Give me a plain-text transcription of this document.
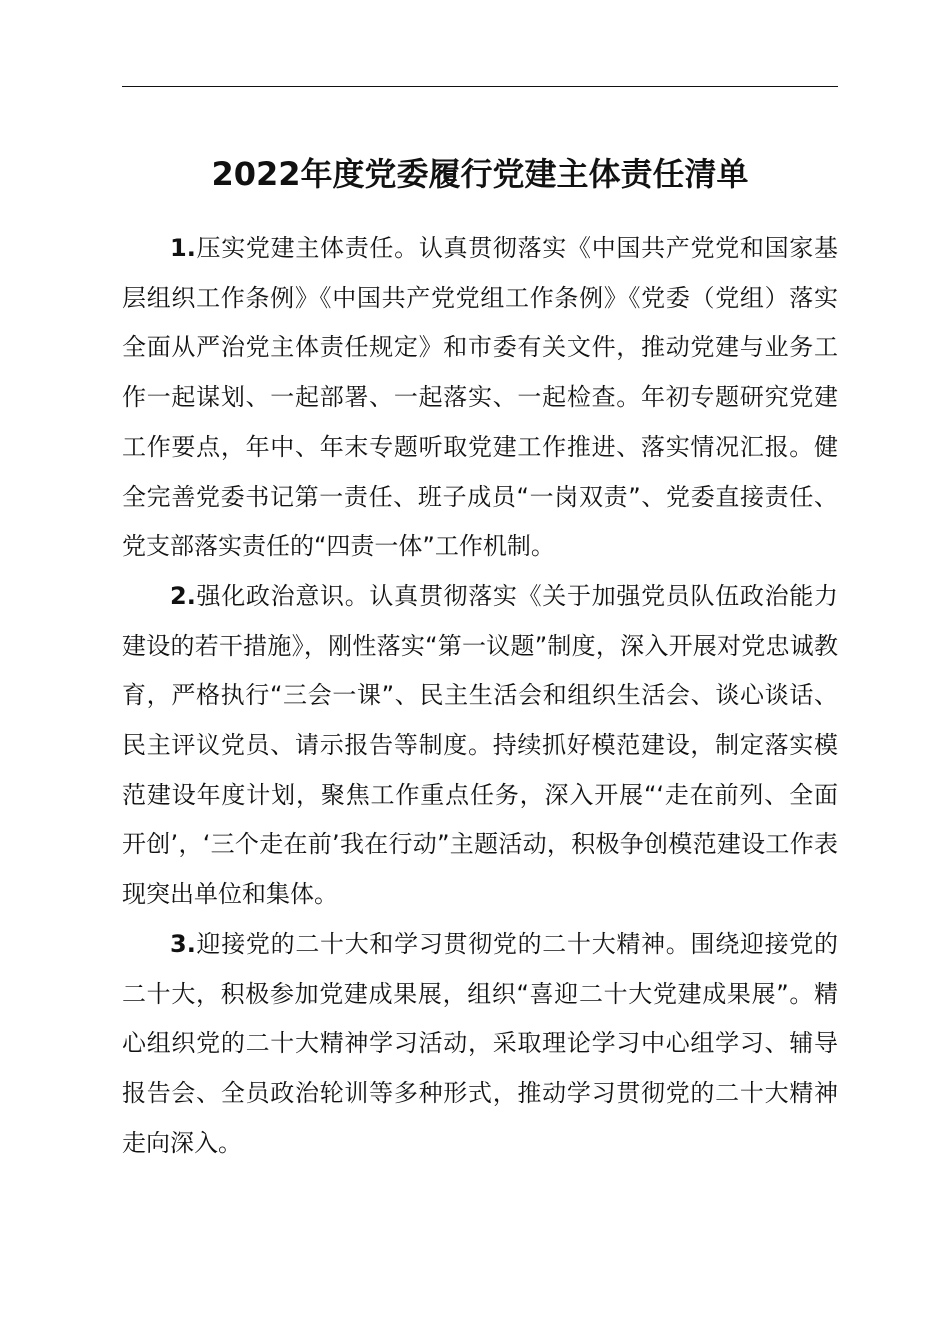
2022年度党委履行党建主体责任清单

1.压实党建主体责任。认真贯彻落实《中国共产党党和国家基层组织工作条例》《中国共产党党组工作条例》《党委（党组）落实全面从严治党主体责任规定》和市委有关文件，推动党建与业务工作一起谋划、一起部署、一起落实、一起检查。年初专题研究党建工作要点，年中、年末专题听取党建工作推进、落实情况汇报。健全完善党委书记第一责任、班子成员“一岗双责”、党委直接责任、党支部落实责任的“四责一体”工作机制。

2.强化政治意识。认真贯彻落实《关于加强党员队伍政治能力建设的若干措施》，刚性落实“第一议题”制度，深入开展对党忠诚教育，严格执行“三会一课”、民主生活会和组织生活会、谈心谈话、民主评议党员、请示报告等制度。持续抓好模范建设，制定落实模范建设年度计划，聚焦工作重点任务，深入开展“‘走在前列、全面开创’，‘三个走在前’我在行动”主题活动，积极争创模范建设工作表现突出单位和集体。

3.迎接党的二十大和学习贯彻党的二十大精神。围绕迎接党的二十大，积极参加党建成果展，组织“喜迎二十大党建成果展”。精心组织党的二十大精神学习活动，采取理论学习中心组学习、辅导报告会、全员政治轮训等多种形式，推动学习贯彻党的二十大精神走向深入。
